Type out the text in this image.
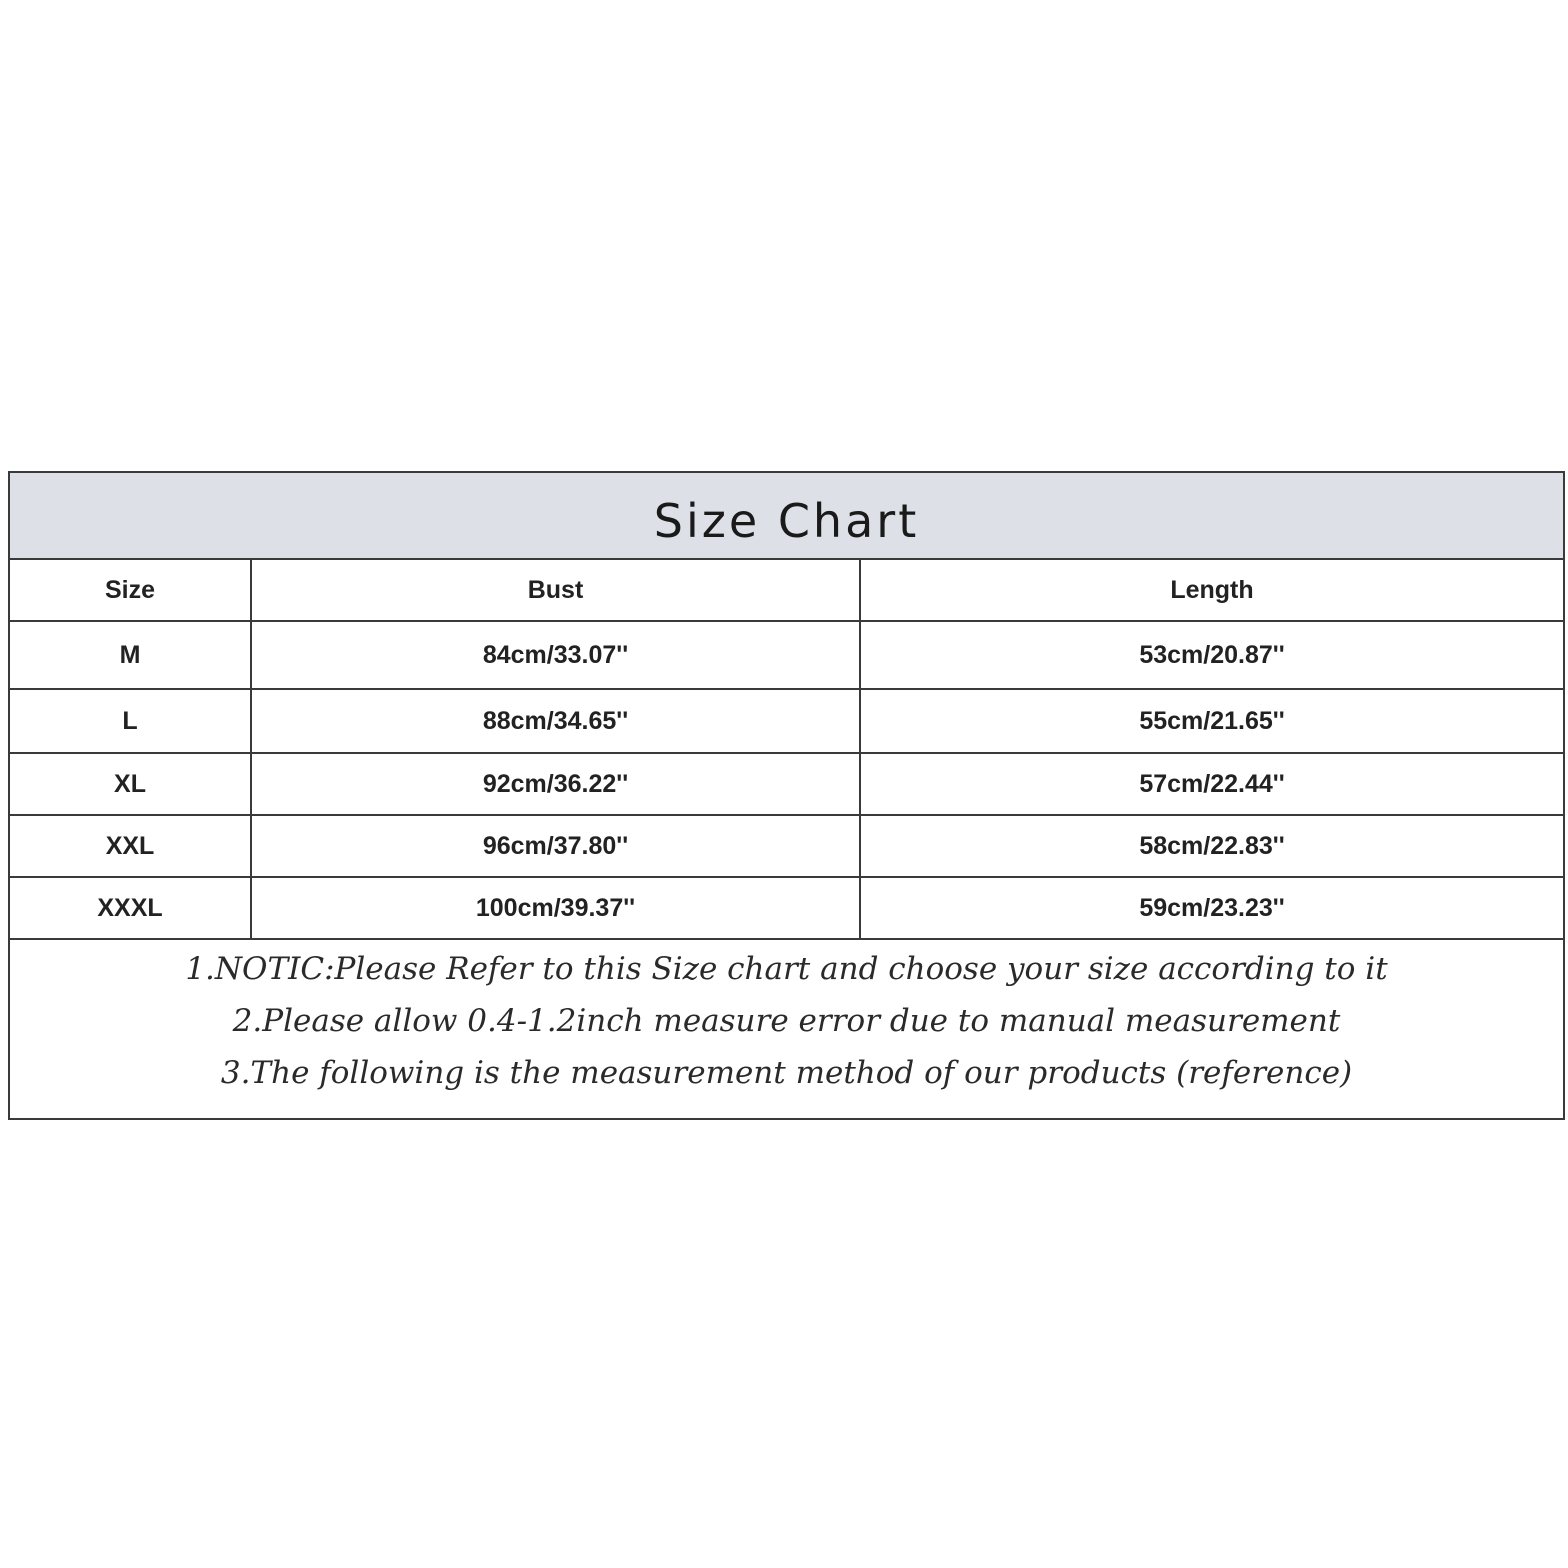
Size Chart
Size	Bust	Length
M	84cm/33.07''	53cm/20.87''
L	88cm/34.65''	55cm/21.65''
XL	92cm/36.22''	57cm/22.44''
XXL	96cm/37.80''	58cm/22.83''
XXXL	100cm/39.37''	59cm/23.23''
1.NOTIC:Please Refer to this Size chart and choose your size according to it
2.Please allow 0.4-1.2inch measure error due to manual measurement
3.The following is the measurement method of our products (reference)
